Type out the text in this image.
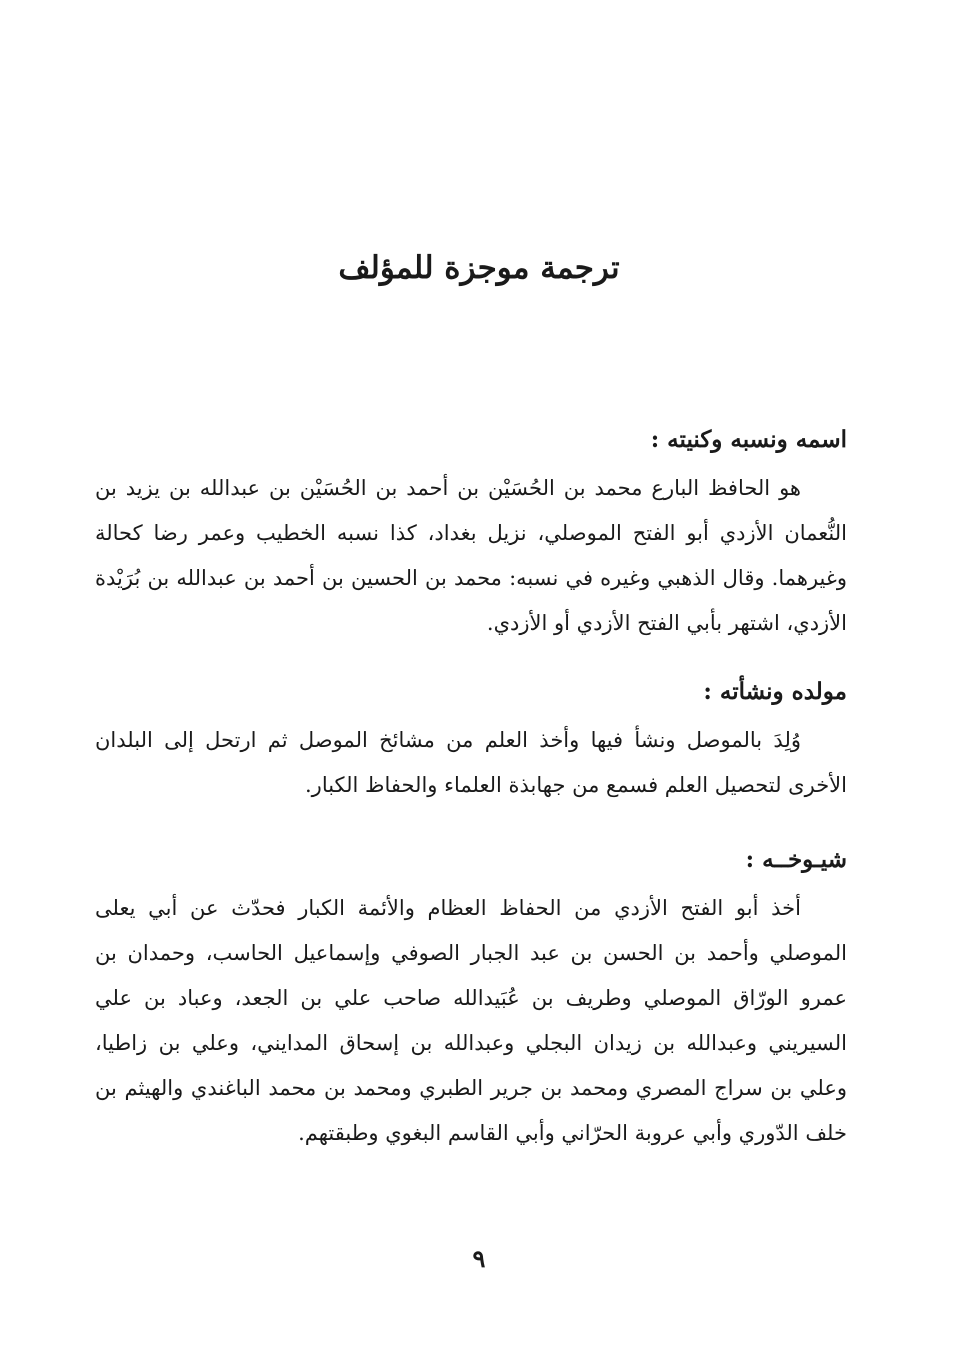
ترجمة موجزة للمؤلف
اسمه ونسبه وكنيته :

هو الحافظ البارع محمد بن الحُسَيْن بن أحمد بن الحُسَيْن بن عبدالله بن يزيد بن النُّعمان الأزدي أبو الفتح الموصلي، نزيل بغداد، كذا نسبه الخطيب وعمر رضا كحالة وغيرهما. وقال الذهبي وغيره في نسبه: محمد بن الحسين بن أحمد بن عبدالله بن بُرَيْدة الأزدي، اشتهر بأبي الفتح الأزدي أو الأزدي.

مولده ونشأته :

وُلِدَ بالموصل ونشأ فيها وأخذ العلم من مشائخ الموصل ثم ارتحل إلى البلدان الأخرى لتحصيل العلم فسمع من جهابذة العلماء والحفاظ الكبار.

شيـوخــه :

أخذ أبو الفتح الأزدي من الحفاظ العظام والأئمة الكبار فحدّث عن أبي يعلى الموصلي وأحمد بن الحسن بن عبد الجبار الصوفي وإسماعيل الحاسب، وحمدان بن عمرو الورّاق الموصلي وطريف بن عُبَيدالله صاحب علي بن الجعد، وعباد بن علي السيريني وعبدالله بن زيدان البجلي وعبدالله بن إسحاق المدايني، وعلي بن زاطيا، وعلي بن سراج المصري ومحمد بن جرير الطبري ومحمد بن محمد الباغندي والهيثم بن خلف الدّوري وأبي عروبة الحرّاني وأبي القاسم البغوي وطبقتهم.

٩
